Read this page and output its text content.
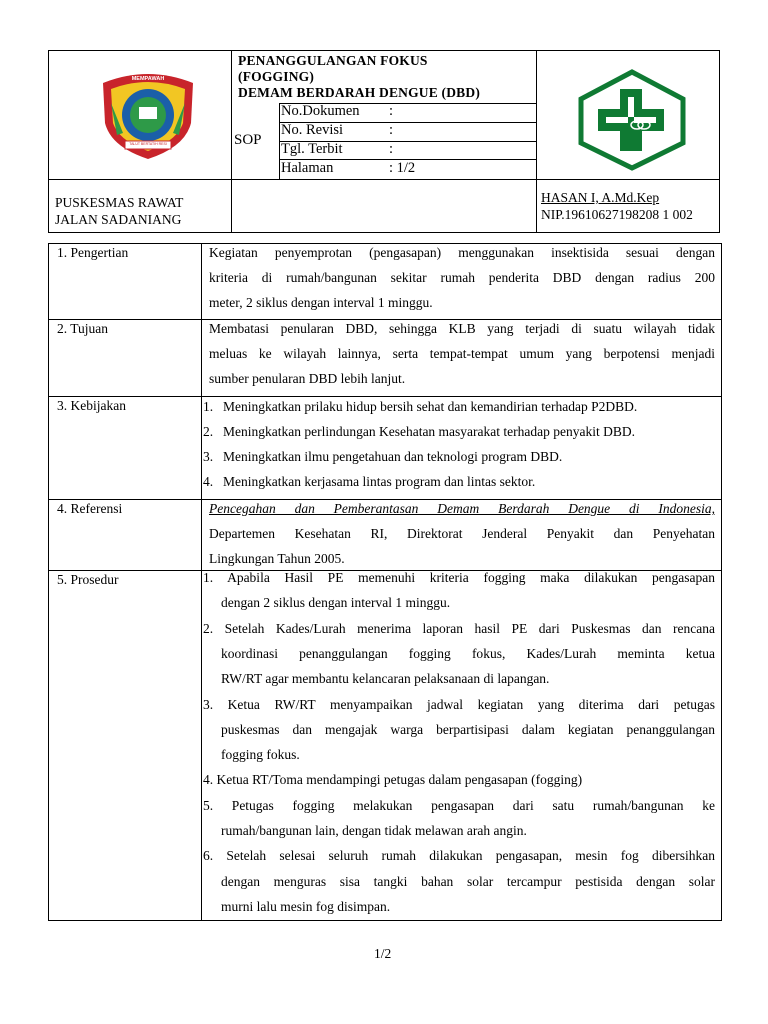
KABUPATEN MEMPAWAH
TALUT BERTATIH RESI
PENANGGULANGAN FOKUS
(FOGGING)
DEMAM BERDARAH DENGUE (DBD)
SOP
No.Dokumen :
No. Revisi	:
Tgl. Terbit	:
Halaman	: 1/2
PUSKESMAS RAWAT
JALAN SADANIANG
HASAN I, A.Md.Kep
NIP.19610627198208 1 002
1. Pengertian	Kegiatan penyemprotan (pengasapan) menggunakan insektisida sesuai dengan
kriteria di rumah/bangunan sekitar rumah penderita DBD dengan radius 200
meter, 2 siklus dengan interval 1 minggu.
2. Tujuan	Membatasi penularan DBD, sehingga KLB yang terjadi di suatu wilayah tidak
meluas ke wilayah lainnya, serta tempat-tempat umum yang berpotensi menjadi
sumber penularan DBD lebih lanjut.
3. Kebijakan	1. Meningkatkan prilaku hidup bersih sehat dan kemandirian terhadap P2DBD.
2. Meningkatkan perlindungan Kesehatan masyarakat terhadap penyakit DBD.
3. Meningkatkan ilmu pengetahuan dan teknologi program DBD.
4. Meningkatkan kerjasama lintas program dan lintas sektor.
4. Referensi	Pencegahan dan Pemberantasan Demam Berdarah Dengue di Indonesia,
Departemen Kesehatan RI, Direktorat Jenderal Penyakit dan Penyehatan
Lingkungan Tahun 2005.
5. Prosedur	1. Apabila Hasil PE memenuhi kriteria fogging maka dilakukan pengasapan
dengan 2 siklus dengan interval 1 minggu.
2. Setelah Kades/Lurah menerima laporan hasil PE dari Puskesmas dan rencana
koordinasi penanggulangan fogging fokus, Kades/Lurah meminta ketua
RW/RT agar membantu kelancaran pelaksanaan di lapangan.
3. Ketua RW/RT menyampaikan jadwal kegiatan yang diterima dari petugas
puskesmas dan mengajak warga berpartisipasi dalam kegiatan penanggulangan
fogging fokus.
4. Ketua RT/Toma mendampingi petugas dalam pengasapan (fogging)
5. Petugas fogging melakukan pengasapan dari satu rumah/bangunan ke
rumah/bangunan lain, dengan tidak melawan arah angin.
6. Setelah selesai seluruh rumah dilakukan pengasapan, mesin fog dibersihkan
dengan menguras sisa tangki bahan solar tercampur pestisida dengan solar
murni lalu mesin fog disimpan.
1/2
